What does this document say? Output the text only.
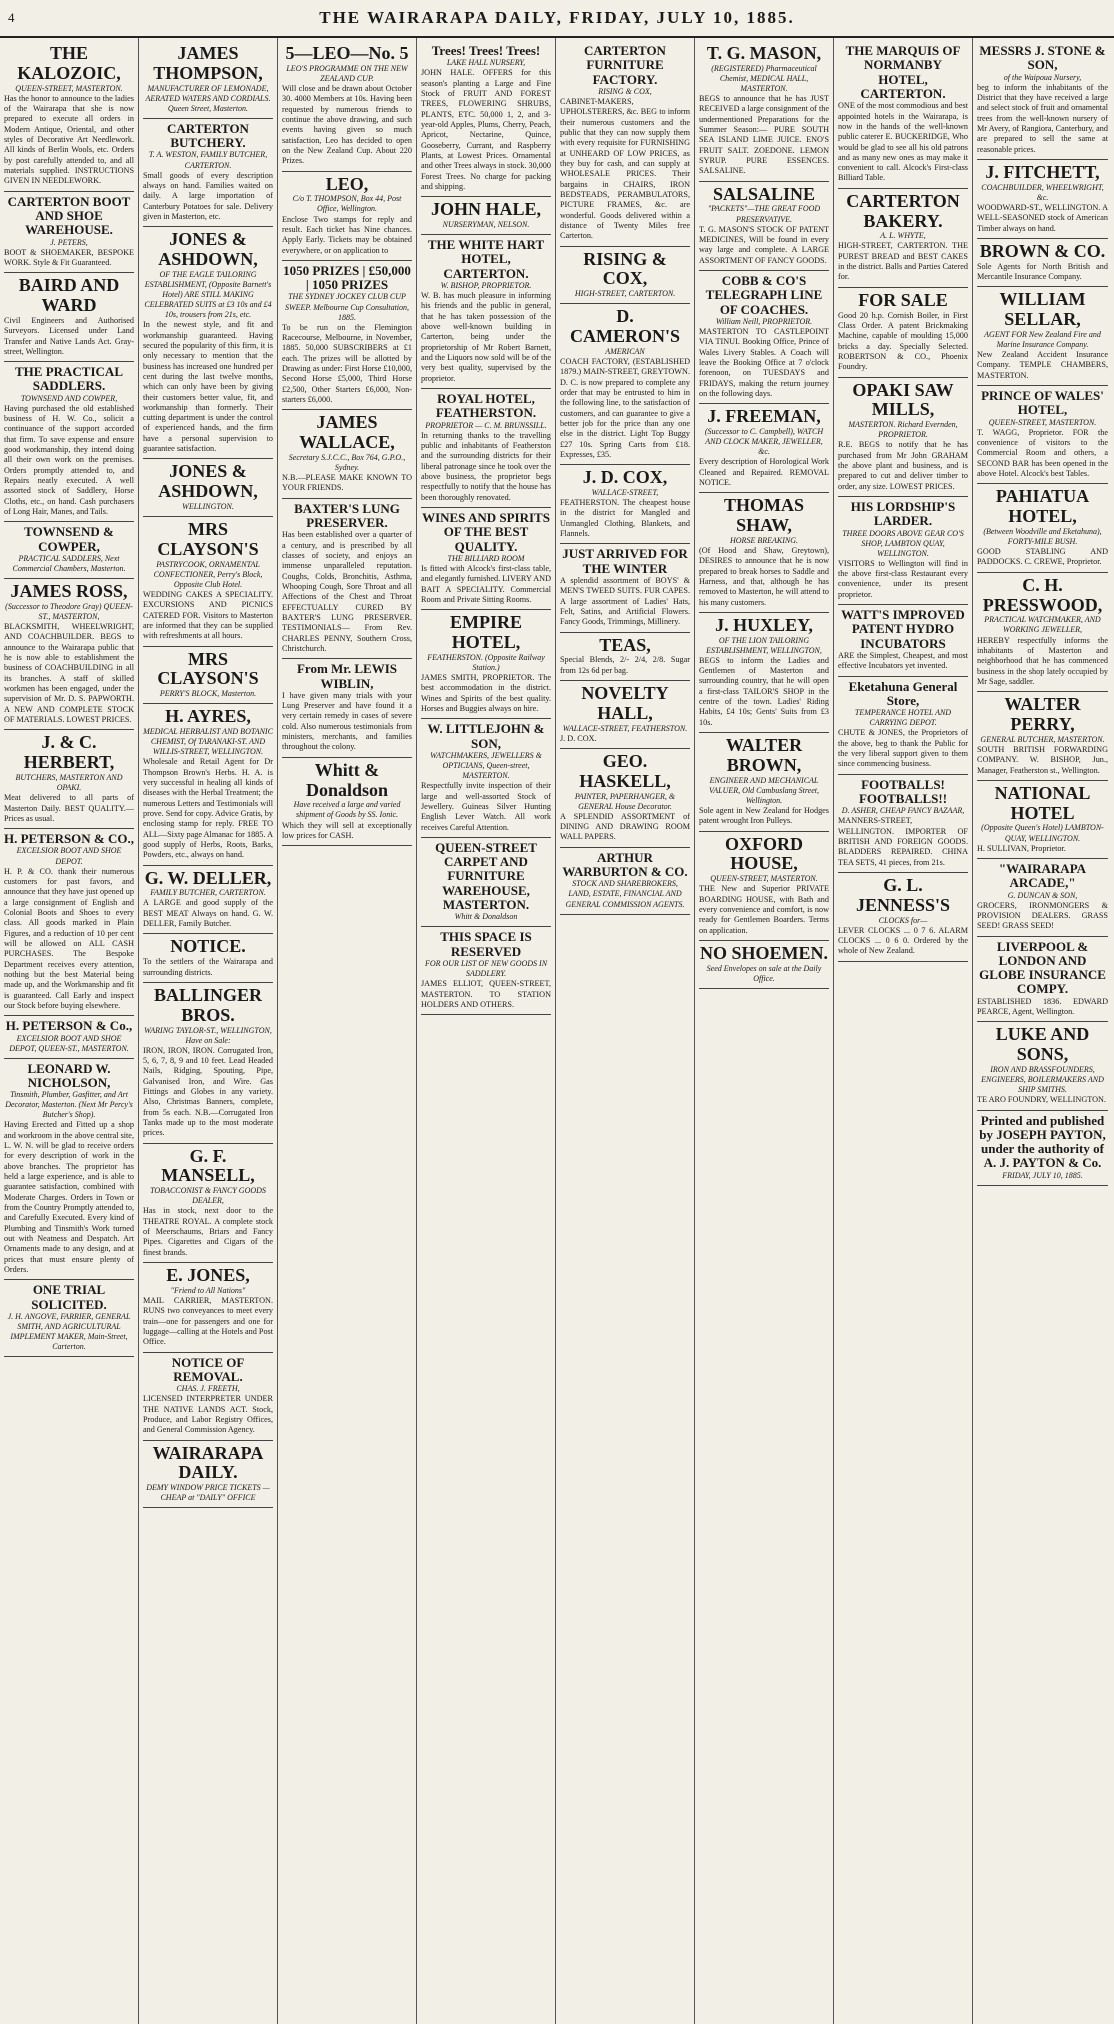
4	THE WAIRARAPA DAILY, FRIDAY, JULY 10, 1885.
THE KALOZOIC,
QUEEN-STREET, MASTERTON.
Has the honor to announce to the ladies of the Wairarapa that she is now prepared to execute all orders in Modern Antique, Oriental, and other styles of Decorative Art Needlework. All kinds of Berlin Wools, etc. Orders by post carefully attended to, and all materials supplied. INSTRUCTIONS GIVEN IN NEEDLEWORK.
CARTERTON BOOT AND SHOE WAREHOUSE.
J. PETERS,
BOOT & SHOEMAKER, BESPOKE WORK. Style & Fit Guaranteed.
BAIRD AND WARD
Civil Engineers and Authorised Surveyors. Licensed under Land Transfer and Native Lands Act. Gray-street, Wellington.
THE PRACTICAL SADDLERS.
TOWNSEND AND COWPER,
Having purchased the old established business of H. W. Co., solicit a continuance of the support accorded that firm. To save expense and ensure good workmanship, they intend doing all their own work on the premises. Orders promptly attended to, and Repairs neatly executed. A well assorted stock of Saddlery, Horse Cloths, etc., on hand. Cash purchasers of Long Hair, Manes, and Tails.
TOWNSEND & COWPER,
PRACTICAL SADDLERS, Next Commercial Chambers, Masterton.
JAMES ROSS,
(Successor to Theodore Gray) QUEEN-ST., MASTERTON,
BLACKSMITH, WHEELWRIGHT, AND COACHBUILDER. BEGS to announce to the Wairarapa public that he is now able to establishment the business of COACHBUILDING in all its branches. A staff of skilled workmen has been engaged, under the supervision of Mr. D. S. PAPWORTH. A NEW AND COMPLETE STOCK OF MATERIALS. LOWEST PRICES.
J. & C. HERBERT,
BUTCHERS, MASTERTON AND OPAKI.
Meat delivered to all parts of Masterton Daily. BEST QUALITY.—Prices as usual.
H. PETERSON & CO.,
EXCELSIOR BOOT AND SHOE DEPOT.
H. P. & CO. thank their numerous customers for past favors, and announce that they have just opened up a large consignment of English and Colonial Boots and Shoes to every class. All goods marked in Plain Figures, and a reduction of 10 per cent will be allowed on ALL CASH PURCHASES. The Bespoke Department receives every attention, nothing but the best Material being made up, and the Workmanship and fit is guaranteed. Call Early and inspect our Stock before buying elsewhere.
H. PETERSON & Co.,
EXCELSIOR BOOT AND SHOE DEPOT, QUEEN-ST., MASTERTON.
LEONARD W. NICHOLSON,
Tinsmith, Plumber, Gasfitter, and Art Decorator, Masterton. (Next Mr Percy's Butcher's Shop).
Having Erected and Fitted up a shop and workroom in the above central site, L. W. N. will be glad to receive orders for every description of work in the above branches. The proprietor has held a large experience, and is able to guarantee satisfaction, combined with Moderate Charges. Orders in Town or from the Country Promptly attended to, and Carefully Executed. Every kind of Plumbing and Tinsmith's Work turned out with Neatness and Despatch. Art Ornaments made to any design, and at prices that must ensure plenty of Orders.
ONE TRIAL SOLICITED.
J. H. ANGOVE, FARRIER, GENERAL SMITH, AND AGRICULTURAL IMPLEMENT MAKER, Main-Street, Carterton.
JAMES THOMPSON,
MANUFACTURER OF LEMONADE, AERATED WATERS AND CORDIALS. Queen Street, Masterton.
CARTERTON BUTCHERY.
T. A. WESTON, FAMILY BUTCHER, CARTERTON.
Small goods of every description always on hand. Families waited on daily. A large importation of Canterbury Potatoes for sale. Delivery given in Masterton, etc.
JONES & ASHDOWN,
OF THE EAGLE TAILORING ESTABLISHMENT, (Opposite Barnett's Hotel) ARE STILL MAKING CELEBRATED SUITS at £3 10s and £4 10s, trousers from 21s, etc.
In the newest style, and fit and workmanship guaranteed. Having secured the popularity of this firm, it is only necessary to mention that the business has increased one hundred per cent during the last twelve months, which can only have been by giving their customers better value, fit, and workmanship than formerly. Their cutting department is under the control of experienced hands, and the firm have a personal supervision to guarantee satisfaction.
JONES & ASHDOWN,
WELLINGTON.
MRS CLAYSON'S
PASTRYCOOK, ORNAMENTAL CONFECTIONER, Perry's Block, Opposite Club Hotel.
WEDDING CAKES A SPECIALITY. EXCURSIONS AND PICNICS CATERED FOR. Visitors to Masterton are informed that they can be supplied with refreshments at all hours.
MRS CLAYSON'S
PERRY'S BLOCK, Masterton.
H. AYRES,
MEDICAL HERBALIST AND BOTANIC CHEMIST, Of TARANAKI-ST. AND WILLIS-STREET, WELLINGTON.
Wholesale and Retail Agent for Dr Thompson Brown's Herbs. H. A. is very successful in healing all kinds of diseases with the Herbal Treatment; the numerous Letters and Testimonials will prove. Send for copy. Advice Gratis, by enclosing stamp for reply. FREE TO ALL—Sixty page Almanac for 1885. A good supply of Herbs, Roots, Barks, Powders, etc., always on hand.
G. W. DELLER,
FAMILY BUTCHER, CARTERTON.
A LARGE and good supply of the BEST MEAT Always on hand. G. W. DELLER, Family Butcher.
NOTICE.
To the settlers of the Wairarapa and surrounding districts.
BALLINGER BROS.
WARING TAYLOR-ST., WELLINGTON, Have on Sale:
IRON, IRON, IRON. Corrugated Iron, 5, 6, 7, 8, 9 and 10 feet. Lead Headed Nails, Ridging, Spouting, Pipe, Galvanised Iron, and Wire. Gas Fittings and Globes in any variety. Also, Christmas Banners, complete, from 5s each. N.B.—Corrugated Iron Tanks made up to the most moderate prices.
G. F. MANSELL,
TOBACCONIST & FANCY GOODS DEALER,
Has in stock, next door to the THEATRE ROYAL. A complete stock of Meerschaums, Briars and Fancy Pipes. Cigarettes and Cigars of the finest brands.
E. JONES,
"Friend to All Nations"
MAIL CARRIER, MASTERTON. RUNS two conveyances to meet every train—one for passengers and one for luggage—calling at the Hotels and Post Office.
NOTICE OF REMOVAL.
CHAS. J. FREETH,
LICENSED INTERPRETER UNDER THE NATIVE LANDS ACT. Stock, Produce, and Labor Registry Offices, and General Commission Agency.
WAIRARAPA DAILY.
DEMY WINDOW PRICE TICKETS — CHEAP at "DAILY" OFFICE
5—LEO—No. 5
LEO'S PROGRAMME ON THE NEW ZEALAND CUP.
Will close and be drawn about October 30. 4000 Members at 10s. Having been requested by numerous friends to continue the above drawing, and such events having given so much satisfaction, Leo has decided to open on the New Zealand Cup. About 220 Prizes.
LEO,
C/o T. THOMPSON, Box 44, Post Office, Wellington.
Enclose Two stamps for reply and result. Each ticket has Nine chances. Apply Early. Tickets may be obtained everywhere, or on application to
1050 PRIZES | £50,000 | 1050 PRIZES
THE SYDNEY JOCKEY CLUB CUP SWEEP. Melbourne Cup Consultation, 1885.
To be run on the Flemington Racecourse, Melbourne, in November, 1885. 50,000 SUBSCRIBERS at £1 each. The prizes will be allotted by Drawing as under: First Horse £10,000, Second Horse £5,000, Third Horse £2,500, Other Starters £6,000, Non-starters £6,000.
JAMES WALLACE,
Secretary S.J.C.C., Box 764, G.P.O., Sydney.
N.B.—PLEASE MAKE KNOWN TO YOUR FRIENDS.
BAXTER'S LUNG PRESERVER.
Has been established over a quarter of a century, and is prescribed by all classes of society, and enjoys an immense unparalleled reputation. Coughs, Colds, Bronchitis, Asthma, Whooping Cough, Sore Throat and all Affections of the Chest and Throat EFFECTUALLY CURED BY BAXTER'S LUNG PRESERVER. TESTIMONIALS— From Rev. CHARLES PENNY, Southern Cross, Christchurch.
From Mr. LEWIS WIBLIN,
I have given many trials with your Lung Preserver and have found it a very certain remedy in cases of severe cold. Also numerous testimonials from ministers, merchants, and families throughout the colony.
Whitt & Donaldson
Have received a large and varied shipment of Goods by SS. Ionic.
Which they will sell at exceptionally low prices for CASH.
Trees! Trees! Trees!
LAKE HALL NURSERY,
JOHN HALE. OFFERS for this season's planting a Large and Fine Stock of FRUIT AND FOREST TREES, FLOWERING SHRUBS, PLANTS, ETC. 50,000 1, 2, and 3-year-old Apples, Plums, Cherry, Peach, Apricot, Nectarine, Quince, Gooseberry, Currant, and Raspberry Plants, at Lowest Prices. Ornamental and other Trees always in stock. 30,000 Forest Trees. No charge for packing and shipping.
JOHN HALE,
NURSERYMAN, NELSON.
THE WHITE HART HOTEL, CARTERTON.
W. BISHOP, PROPRIETOR.
W. B. has much pleasure in informing his friends and the public in general, that he has taken possession of the above well-known building in Carterton, being under the proprietorship of Mr Robert Barnett, and the Liquors now sold will be of the very best quality, supervised by the proprietor.
ROYAL HOTEL, FEATHERSTON.
PROPRIETOR — C. M. BRUNSSILL.
In returning thanks to the travelling public and inhabitants of Featherston and the surrounding districts for their liberal patronage since he took over the above business, the proprietor begs respectfully to notify that the house has been thoroughly renovated.
WINES AND SPIRITS OF THE BEST QUALITY.
THE BILLIARD ROOM
Is fitted with Alcock's first-class table, and elegantly furnished. LIVERY AND BAIT A SPECIALITY. Commercial Room and Private Sitting Rooms.
EMPIRE HOTEL,
FEATHERSTON. (Opposite Railway Station.)
JAMES SMITH, PROPRIETOR. The best accommodation in the district. Wines and Spirits of the best quality. Horses and Buggies always on hire.
W. LITTLEJOHN & SON,
WATCHMAKERS, JEWELLERS & OPTICIANS, Queen-street, MASTERTON.
Respectfully invite inspection of their large and well-assorted Stock of Jewellery. Guineas Silver Hunting English Lever Watch. All work receives Careful Attention.
QUEEN-STREET CARPET AND FURNITURE WAREHOUSE, MASTERTON.
Whitt & Donaldson
THIS SPACE IS RESERVED
FOR OUR LIST OF NEW GOODS IN SADDLERY.
JAMES ELLIOT, QUEEN-STREET, MASTERTON. TO STATION HOLDERS AND OTHERS.
CARTERTON FURNITURE FACTORY.
RISING & COX,
CABINET-MAKERS, UPHOLSTERERS, &c. BEG to inform their numerous customers and the public that they can now supply them with every requisite for FURNISHING at UNHEARD OF LOW PRICES, as they buy for cash, and can supply at WHOLESALE PRICES. Their bargains in CHAIRS, IRON BEDSTEADS, PERAMBULATORS, PICTURE FRAMES, &c. are wonderful. Goods delivered within a distance of Twenty Miles free Carterton.
RISING & COX,
HIGH-STREET, CARTERTON.
D. CAMERON'S
AMERICAN
COACH FACTORY, (ESTABLISHED 1879.) MAIN-STREET, GREYTOWN. D. C. is now prepared to complete any order that may be entrusted to him in the following line, to the satisfaction of customers, and can guarantee to give a better job for the price than any one else in the district. Light Top Buggy £27 10s. Spring Carts from £18. Expresses, £35.
J. D. COX,
WALLACE-STREET,
FEATHERSTON. The cheapest house in the district for Mangled and Unmangled Clothing, Blankets, and Flannels.
JUST ARRIVED FOR THE WINTER
A splendid assortment of BOYS' & MEN'S TWEED SUITS. FUR CAPES. A large assortment of Ladies' Hats, Felt, Satins, and Artificial Flowers. Fancy Goods, Trimmings, Millinery.
TEAS,
Special Blends, 2/- 2/4, 2/8. Sugar from 12s 6d per bag.
NOVELTY HALL,
WALLACE-STREET, FEATHERSTON.
J. D. COX.
GEO. HASKELL,
PAINTER, PAPERHANGER, & GENERAL House Decorator.
A SPLENDID ASSORTMENT of DINING AND DRAWING ROOM WALL PAPERS.
ARTHUR WARBURTON & CO.
STOCK AND SHAREBROKERS, LAND, ESTATE, FINANCIAL AND GENERAL COMMISSION AGENTS.
T. G. MASON,
(REGISTERED) Pharmaceutical Chemist, MEDICAL HALL, MASTERTON.
BEGS to announce that he has JUST RECEIVED a large consignment of the undermentioned Preparations for the Summer Season:— PURE SOUTH SEA ISLAND LIME JUICE. ENO'S FRUIT SALT. ZOEDONE. LEMON SYRUP. PURE ESSENCES. SALSALINE.
SALSALINE
"PACKETS"—THE GREAT FOOD PRESERVATIVE.
T. G. MASON'S STOCK OF PATENT MEDICINES, Will be found in every way large and complete. A LARGE ASSORTMENT OF FANCY GOODS.
COBB & CO'S TELEGRAPH LINE OF COACHES.
William Neill, PROPRIETOR.
MASTERTON TO CASTLEPOINT VIA TINUI. Booking Office, Prince of Wales Livery Stables. A Coach will leave the Booking Office at 7 o'clock forenoon, on TUESDAYS and FRIDAYS, making the return journey on the following days.
J. FREEMAN,
(Successor to C. Campbell), WATCH AND CLOCK MAKER, JEWELLER, &c.
Every description of Horological Work Cleaned and Repaired. REMOVAL NOTICE.
THOMAS SHAW,
HORSE BREAKING.
(Of Hood and Shaw, Greytown), DESIRES to announce that he is now prepared to break horses to Saddle and Harness, and that, although he has removed to Masterton, he will attend to his many customers.
J. HUXLEY,
OF THE LION TAILORING ESTABLISHMENT, WELLINGTON,
BEGS to inform the Ladies and Gentlemen of Masterton and surrounding country, that he will open a first-class TAILOR'S SHOP in the centre of the town. Ladies' Riding Habits, £4 10s; Gents' Suits from £3 10s.
WALTER BROWN,
ENGINEER AND MECHANICAL VALUER, Old Cambuslang Street, Wellington.
Sole agent in New Zealand for Hodges patent wrought Iron Pulleys.
OXFORD HOUSE,
QUEEN-STREET, MASTERTON.
THE New and Superior PRIVATE BOARDING HOUSE, with Bath and every convenience and comfort, is now ready for Gentlemen Boarders. Terms on application.
NO SHOEMEN.
Seed Envelopes on sale at the Daily Office.
THE MARQUIS OF NORMANBY HOTEL, CARTERTON.
ONE of the most commodious and best appointed hotels in the Wairarapa, is now in the hands of the well-known public caterer E. BUCKERIDGE, Who would be glad to see all his old patrons and as many new ones as may make it convenient to call. Alcock's First-class Billiard Table.
CARTERTON BAKERY.
A. L. WHYTE,
HIGH-STREET, CARTERTON. THE PUREST BREAD and BEST CAKES in the district. Balls and Parties Catered for.
FOR SALE
Good 20 h.p. Cornish Boiler, in First Class Order. A patent Brickmaking Machine, capable of moulding 15,000 bricks a day. Specially Selected. ROBERTSON & CO., Phoenix Foundry.
OPAKI SAW MILLS,
MASTERTON. Richard Evernden, PROPRIETOR.
R.E. BEGS to notify that he has purchased from Mr John GRAHAM the above plant and business, and is prepared to cut and deliver timber to order, any size. LOWEST PRICES.
HIS LORDSHIP'S LARDER.
THREE DOORS ABOVE GEAR CO'S SHOP, LAMBTON QUAY, WELLINGTON.
VISITORS to Wellington will find in the above first-class Restaurant every convenience, under its present proprietor.
WATT'S IMPROVED PATENT HYDRO INCUBATORS
ARE the Simplest, Cheapest, and most effective Incubators yet invented.
Eketahuna General Store,
TEMPERANCE HOTEL AND CARRYING DEPOT.
CHUTE & JONES, the Proprietors of the above, beg to thank the Public for the very liberal support given to them since commencing business.
FOOTBALLS! FOOTBALLS!!
D. ASHER, CHEAP FANCY BAZAAR,
MANNERS-STREET, WELLINGTON. IMPORTER OF BRITISH AND FOREIGN GOODS. BLADDERS REPAIRED. CHINA TEA SETS, 41 pieces, from 21s.
G. L. JENNESS'S
CLOCKS for—
LEVER CLOCKS ... 0 7 6. ALARM CLOCKS ... 0 6 0. Ordered by the whole of New Zealand.
MESSRS J. STONE & SON,
of the Waipoua Nursery,
beg to inform the inhabitants of the District that they have received a large and select stock of fruit and ornamental trees from the well-known nursery of Mr Avery, of Rangiora, Canterbury, and are prepared to sell the same at reasonable prices.
J. FITCHETT,
COACHBUILDER, WHEELWRIGHT, &c.
WOODWARD-ST., WELLINGTON. A WELL-SEASONED stock of American Timber always on hand.
BROWN & CO.
Sole Agents for North British and Mercantile Insurance Company.
WILLIAM SELLAR,
AGENT FOR New Zealand Fire and Marine Insurance Company.
New Zealand Accident Insurance Company. TEMPLE CHAMBERS, MASTERTON.
PRINCE OF WALES' HOTEL,
QUEEN-STREET, MASTERTON.
T. WAGG, Proprietor. FOR the convenience of visitors to the Commercial Room and others, a SECOND BAR has been opened in the above Hotel. Alcock's best Tables.
PAHIATUA HOTEL,
(Between Woodville and Eketahuna), FORTY-MILE BUSH.
GOOD STABLING AND PADDOCKS. C. CREWE, Proprietor.
C. H. PRESSWOOD,
PRACTICAL WATCHMAKER, AND WORKING JEWELLER,
HEREBY respectfully informs the inhabitants of Masterton and neighborhood that he has commenced business in the shop lately occupied by Mr Sage, saddler.
WALTER PERRY,
GENERAL BUTCHER, MASTERTON.
SOUTH BRITISH FORWARDING COMPANY. W. BISHOP, Jun., Manager, Featherston st., Wellington.
NATIONAL HOTEL
(Opposite Queen's Hotel) LAMBTON-QUAY, WELLINGTON.
H. SULLIVAN, Proprietor.
"WAIRARAPA ARCADE,"
G. DUNCAN & SON,
GROCERS, IRONMONGERS & PROVISION DEALERS. GRASS SEED! GRASS SEED!
LIVERPOOL & LONDON AND GLOBE INSURANCE COMPY.
ESTABLISHED 1836. EDWARD PEARCE, Agent, Wellington.
LUKE AND SONS,
IRON AND BRASSFOUNDERS, ENGINEERS, BOILERMAKERS AND SHIP SMITHS.
TE ARO FOUNDRY, WELLINGTON.
Printed and published by JOSEPH PAYTON, under the authority of A. J. PAYTON & Co.
FRIDAY, JULY 10, 1885.
